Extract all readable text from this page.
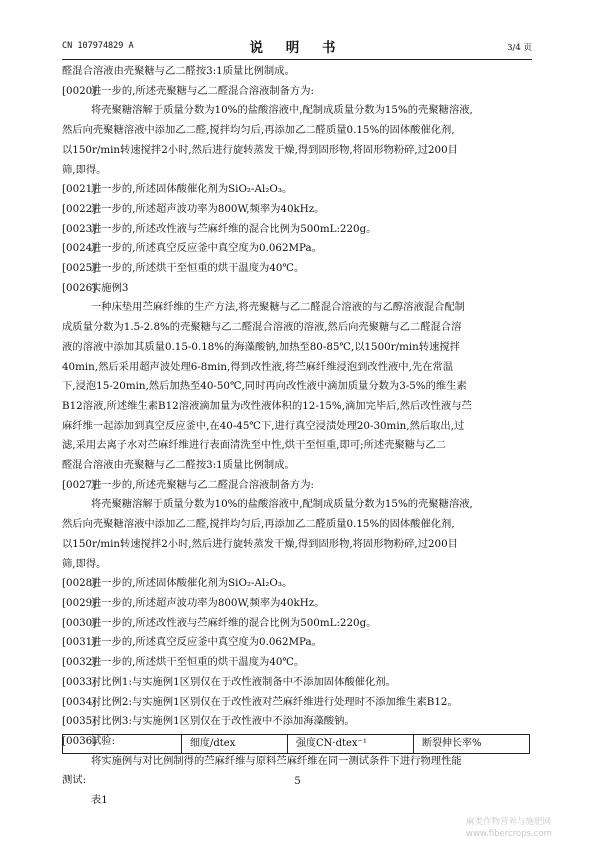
CN 107974829 A	说 明 书	3/4 页
醛混合溶液由壳聚糖与乙二醛按3:1质量比例制成。
[0020]进一步的,所述壳聚糖与乙二醛混合溶液制备方为:
将壳聚糖溶解于质量分数为10%的盐酸溶液中,配制成质量分数为15%的壳聚糖溶液,
然后向壳聚糖溶液中添加乙二醛,搅拌均匀后,再添加乙二醛质量0.15%的固体酸催化剂,
以150r/min转速搅拌2小时,然后进行旋转蒸发干燥,得到固形物,将固形物粉碎,过200目
筛,即得。
[0021]进一步的,所述固体酸催化剂为SiO₂-Al₂O₃。
[0022]进一步的,所述超声波功率为800W,频率为40kHz。
[0023]进一步的,所述改性液与苎麻纤维的混合比例为500mL:220g。
[0024]进一步的,所述真空反应釜中真空度为0.062MPa。
[0025]进一步的,所述烘干至恒重的烘干温度为40℃。
[0026]实施例3
一种床垫用苎麻纤维的生产方法,将壳聚糖与乙二醛混合溶液的与乙醇溶液混合配制
成质量分数为1.5-2.8%的壳聚糖与乙二醛混合溶液的溶液,然后向壳聚糖与乙二醛混合溶
液的溶液中添加其质量0.15-0.18%的海藻酸钠,加热至80-85℃,以1500r/min转速搅拌
40min,然后采用超声波处理6-8min,得到改性液,将苎麻纤维浸泡到改性液中,先在常温
下,浸泡15-20min,然后加热至40-50℃,同时再向改性液中滴加质量分数为3-5%的维生素
B12溶液,所述维生素B12溶液滴加量为改性液体积的12-15%,滴加完毕后,然后改性液与苎
麻纤维一起添加到真空反应釜中,在40-45℃下,进行真空浸渍处理20-30min,然后取出,过
滤,采用去离子水对苎麻纤维进行表面清洗至中性,烘干至恒重,即可;所述壳聚糖与乙二
醛混合溶液由壳聚糖与乙二醛按3:1质量比例制成。
[0027]进一步的,所述壳聚糖与乙二醛混合溶液制备方为:
将壳聚糖溶解于质量分数为10%的盐酸溶液中,配制成质量分数为15%的壳聚糖溶液,
然后向壳聚糖溶液中添加乙二醛,搅拌均匀后,再添加乙二醛质量0.15%的固体酸催化剂,
以150r/min转速搅拌2小时,然后进行旋转蒸发干燥,得到固形物,将固形物粉碎,过200目
筛,即得。
[0028]进一步的,所述固体酸催化剂为SiO₂-Al₂O₃。
[0029]进一步的,所述超声波功率为800W,频率为40kHz。
[0030]进一步的,所述改性液与苎麻纤维的混合比例为500mL:220g。
[0031]进一步的,所述真空反应釜中真空度为0.062MPa。
[0032]进一步的,所述烘干至恒重的烘干温度为40℃。
[0033]对比例1:与实施例1区别仅在于改性液制备中不添加固体酸催化剂。
[0034]对比例2:与实施例1区别仅在于改性液对苎麻纤维进行处理时不添加维生素B12。
[0035]对比例3:与实施例1区别仅在于改性液中不添加海藻酸钠。
[0036]试验:
将实施例与对比例制得的苎麻纤维与原料苎麻纤维在同一测试条件下进行物理性能
测试:
表1
细度/dtex	强度CN·dtex⁻¹	断裂伸长率%
5
麻类作物营养与施肥网
www.fibercrops.com
